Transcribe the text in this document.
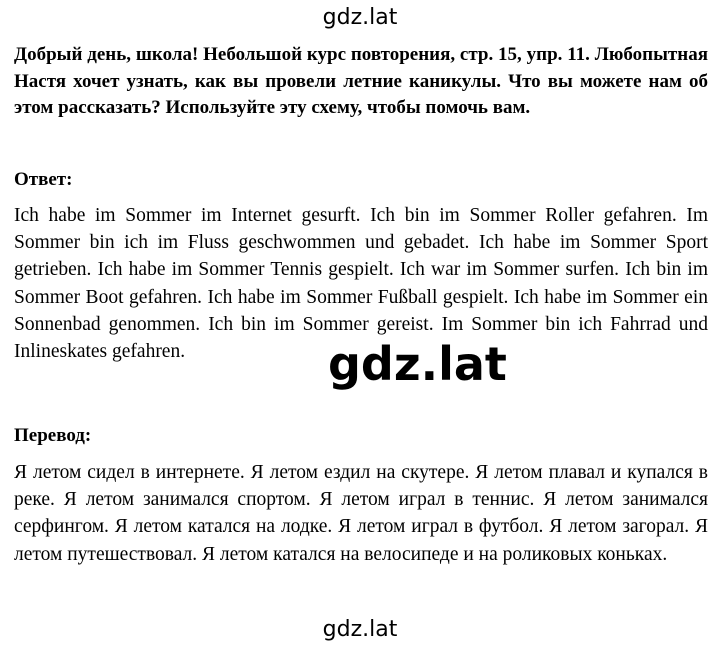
gdz.lat

Добрый день, школа! Небольшой курс повторения, стр. 15, упр. 11. Любопытная Настя хочет узнать, как вы провели летние каникулы. Что вы можете нам об этом рассказать? Используйте эту схему, чтобы помочь вам.

Ответ:

Ich habe im Sommer im Internet gesurft. Ich bin im Sommer Roller gefahren. Im Sommer bin ich im Fluss geschwommen und gebadet. Ich habe im Sommer Sport getrieben. Ich habe im Sommer Tennis gespielt. Ich war im Sommer surfen. Ich bin im Sommer Boot gefahren. Ich habe im Sommer Fußball gespielt. Ich habe im Sommer ein Sonnenbad genommen. Ich bin im Sommer gereist. Im Sommer bin ich Fahrrad und Inlineskates gefahren.	gdz.lat

Перевод:

Я летом сидел в интернете. Я летом ездил на скутере. Я летом плавал и купался в реке. Я летом занимался спортом. Я летом играл в теннис. Я летом занимался серфингом. Я летом катался на лодке. Я летом играл в футбол. Я летом загорал. Я летом путешествовал. Я летом катался на велосипеде и на роликовых коньках.

gdz.lat
